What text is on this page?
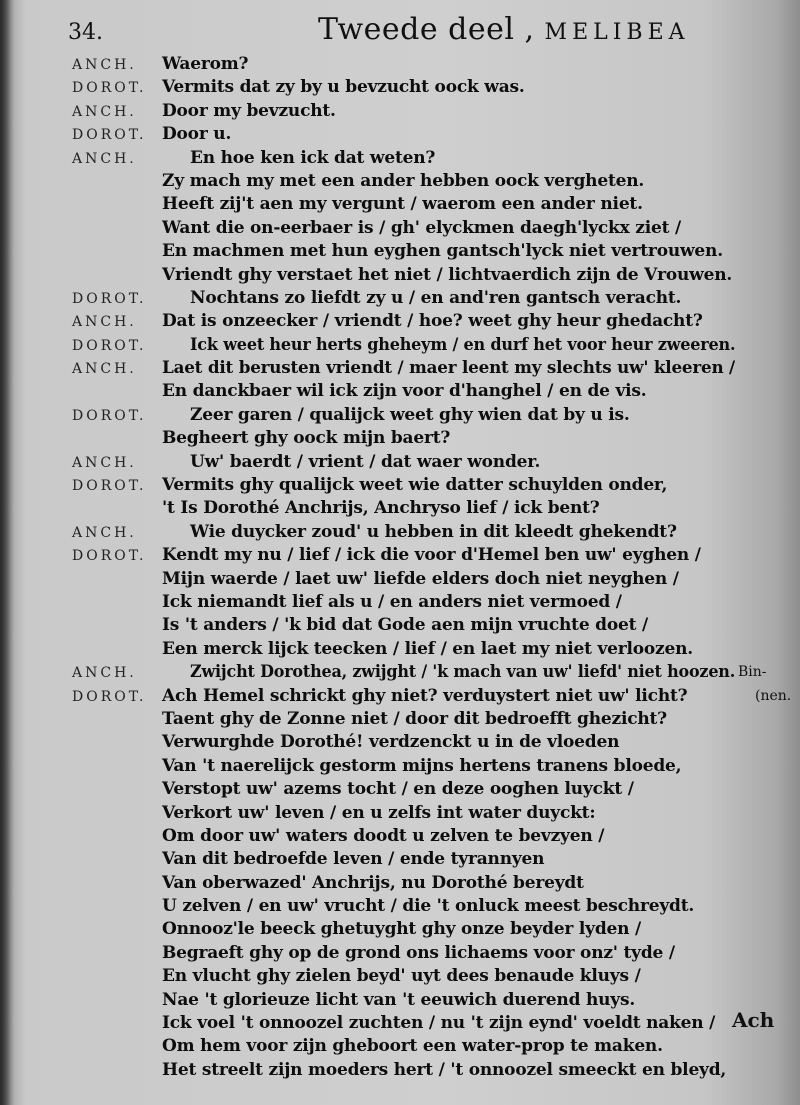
34.	Tweede deel , MELIBEA
ANCH. Waerom?
DOROT. Vermits dat zy by u bevzucht oock was.
ANCH. Door my bevzucht.
DOROT. Door u.
ANCH.	En hoe ken ick dat weten?
Zy mach my met een ander hebben oock vergheten.
Heeft zij't aen my vergunt / waerom een ander niet.
Want die on-eerbaer is / gh' elyckmen daegh'lyckx ziet /
En machmen met hun eyghen gantsch'lyck niet vertrouwen.
Vriendt ghy verstaet het niet / lichtvaerdich zijn de Vrouwen.
DOROT.	Nochtans zo liefdt zy u / en and'ren gantsch veracht.
ANCH. Dat is onzeecker / vriendt / hoe? weet ghy heur ghedacht?
DOROT.	Ick weet heur herts gheheym / en durf het voor heur zweeren.
ANCH. Laet dit berusten vriendt / maer leent my slechts uw' kleeren /
En danckbaer wil ick zijn voor d'hanghel / en de vis.
DOROT.	Zeer garen / qualijck weet ghy wien dat by u is.
Begheert ghy oock mijn baert?
ANCH.	Uw' baerdt / vrient / dat waer wonder.
DOROT. Vermits ghy qualijck weet wie datter schuylden onder,
't Is Dorothé Anchrijs, Anchryso lief / ick bent?
ANCH.	Wie duycker zoud' u hebben in dit kleedt ghekendt?
DOROT. Kendt my nu / lief / ick die voor d'Hemel ben uw' eyghen /
Mijn waerde / laet uw' liefde elders doch niet neyghen /
Ick niemandt lief als u / en anders niet vermoed /
Is 't anders / 'k bid dat Gode aen mijn vruchte doet /
Een merck lijck teecken / lief / en laet my niet verloozen.
ANCH.	Zwijcht Dorothea, zwijght / 'k mach van uw' liefd' niet hoozen. Bin-
DOROT. Ach Hemel schrickt ghy niet? verduystert niet uw' licht?	(nen.
Taent ghy de Zonne niet / door dit bedroefft ghezicht?
Verwurghde Dorothé! verdzenckt u in de vloeden
Van 't naerelijck gestorm mijns hertens tranens bloede,
Verstopt uw' azems tocht / en deze ooghen luyckt /
Verkort uw' leven / en u zelfs int water duyckt:
Om door uw' waters doodt u zelven te bevzyen /
Van dit bedroefde leven / ende tyrannyen
Van oberwazed' Anchrijs, nu Dorothé bereydt
U zelven / en uw' vrucht / die 't onluck meest beschreydt.
Onnooz'le beeck ghetuyght ghy onze beyder lyden /
Begraeft ghy op de grond ons lichaems voor onz' tyde /
En vlucht ghy zielen beyd' uyt dees benaude kluys /
Nae 't glorieuze licht van 't eeuwich duerend huys.
Ick voel 't onnoozel zuchten / nu 't zijn eynd' voeldt naken /
Om hem voor zijn gheboort een water-prop te maken.
Het streelt zijn moeders hert / 't onnoozel smeeckt en bleyd,
Ach
